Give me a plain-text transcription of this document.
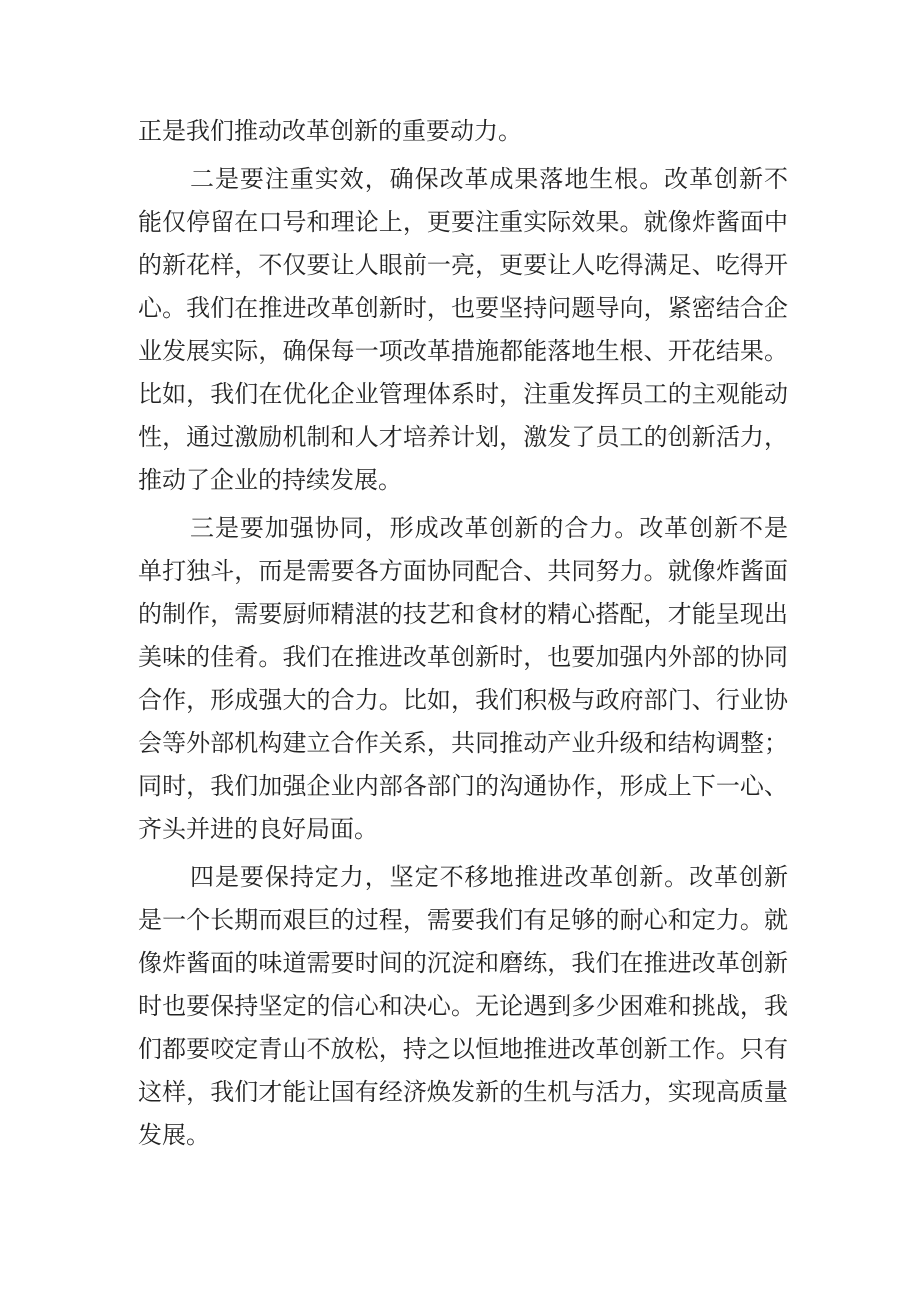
正是我们推动改革创新的重要动力。

二是要注重实效，确保改革成果落地生根。改革创新不能仅停留在口号和理论上，更要注重实际效果。就像炸酱面中的新花样，不仅要让人眼前一亮，更要让人吃得满足、吃得开心。我们在推进改革创新时，也要坚持问题导向，紧密结合企业发展实际，确保每一项改革措施都能落地生根、开花结果。比如，我们在优化企业管理体系时，注重发挥员工的主观能动性，通过激励机制和人才培养计划，激发了员工的创新活力，推动了企业的持续发展。

三是要加强协同，形成改革创新的合力。改革创新不是单打独斗，而是需要各方面协同配合、共同努力。就像炸酱面的制作，需要厨师精湛的技艺和食材的精心搭配，才能呈现出美味的佳肴。我们在推进改革创新时，也要加强内外部的协同合作，形成强大的合力。比如，我们积极与政府部门、行业协会等外部机构建立合作关系，共同推动产业升级和结构调整；同时，我们加强企业内部各部门的沟通协作，形成上下一心、齐头并进的良好局面。

四是要保持定力，坚定不移地推进改革创新。改革创新是一个长期而艰巨的过程，需要我们有足够的耐心和定力。就像炸酱面的味道需要时间的沉淀和磨练，我们在推进改革创新时也要保持坚定的信心和决心。无论遇到多少困难和挑战，我们都要咬定青山不放松，持之以恒地推进改革创新工作。只有这样，我们才能让国有经济焕发新的生机与活力，实现高质量发展。
